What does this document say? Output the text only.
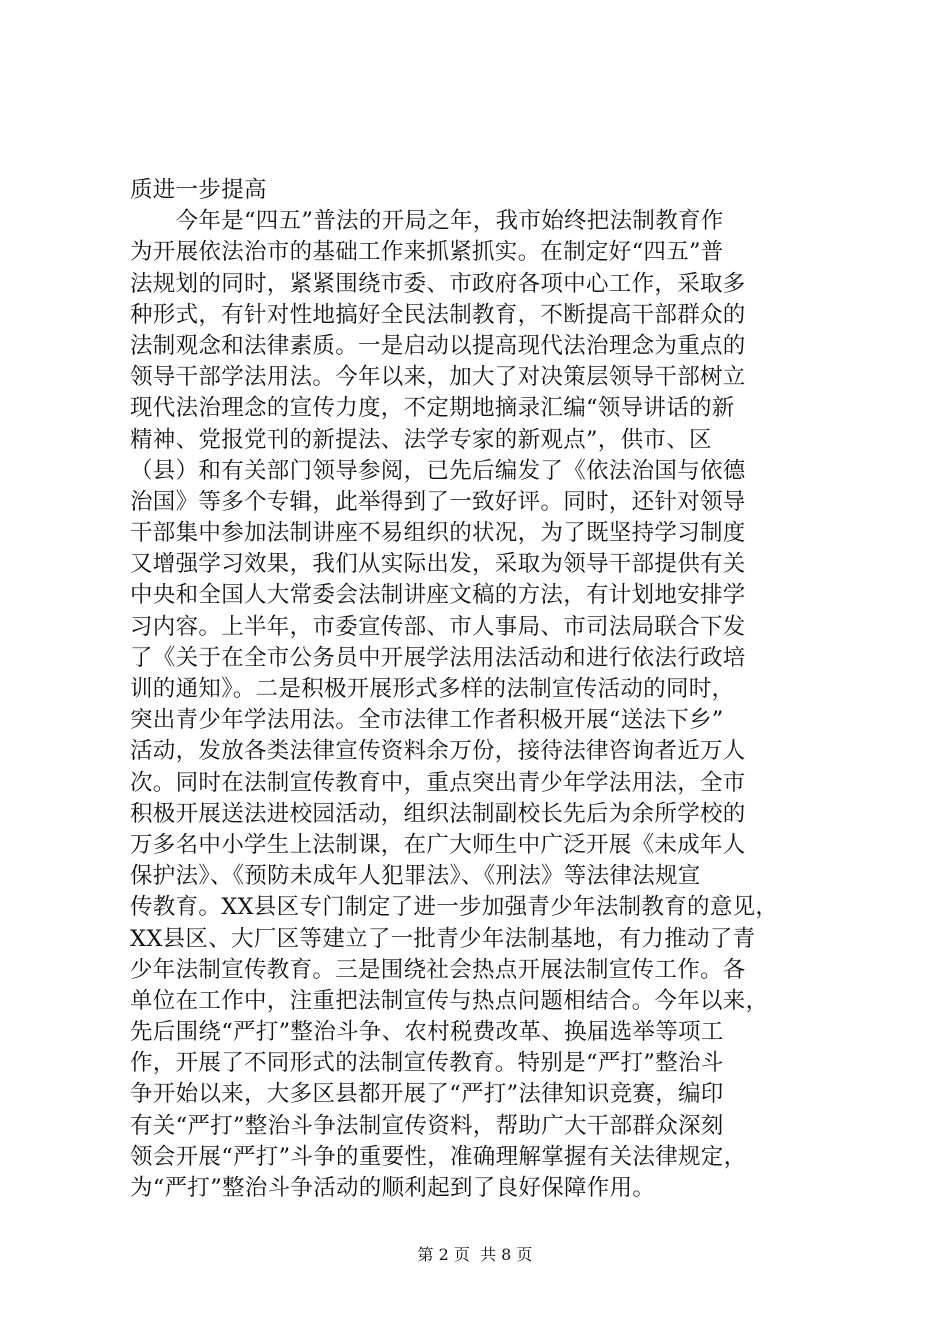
质进一步提高
　　今年是“四五”普法的开局之年，我市始终把法制教育作
为开展依法治市的基础工作来抓紧抓实。在制定好“四五”普
法规划的同时，紧紧围绕市委、市政府各项中心工作，采取多
种形式，有针对性地搞好全民法制教育，不断提高干部群众的
法制观念和法律素质。一是启动以提高现代法治理念为重点的
领导干部学法用法。今年以来，加大了对决策层领导干部树立
现代法治理念的宣传力度，不定期地摘录汇编“领导讲话的新
精神、党报党刊的新提法、法学专家的新观点”，供市、区
（县）和有关部门领导参阅，已先后编发了《依法治国与依德
治国》等多个专辑，此举得到了一致好评。同时，还针对领导
干部集中参加法制讲座不易组织的状况，为了既坚持学习制度
又增强学习效果，我们从实际出发，采取为领导干部提供有关
中央和全国人大常委会法制讲座文稿的方法，有计划地安排学
习内容。上半年，市委宣传部、市人事局、市司法局联合下发
了《关于在全市公务员中开展学法用法活动和进行依法行政培
训的通知》。二是积极开展形式多样的法制宣传活动的同时，
突出青少年学法用法。全市法律工作者积极开展“送法下乡”
活动，发放各类法律宣传资料余万份，接待法律咨询者近万人
次。同时在法制宣传教育中，重点突出青少年学法用法，全市
积极开展送法进校园活动，组织法制副校长先后为余所学校的
万多名中小学生上法制课，在广大师生中广泛开展《未成年人
保护法》、《预防未成年人犯罪法》、《刑法》等法律法规宣
传教育。XX县区专门制定了进一步加强青少年法制教育的意见，
XX县区、大厂区等建立了一批青少年法制基地，有力推动了青
少年法制宣传教育。三是围绕社会热点开展法制宣传工作。各
单位在工作中，注重把法制宣传与热点问题相结合。今年以来，
先后围绕“严打”整治斗争、农村税费改革、换届选举等项工
作，开展了不同形式的法制宣传教育。特别是“严打”整治斗
争开始以来，大多区县都开展了“严打”法律知识竞赛，编印
有关“严打”整治斗争法制宣传资料，帮助广大干部群众深刻
领会开展“严打”斗争的重要性，准确理解掌握有关法律规定，
为“严打”整治斗争活动的顺利起到了良好保障作用。
第 2 页  共 8 页
